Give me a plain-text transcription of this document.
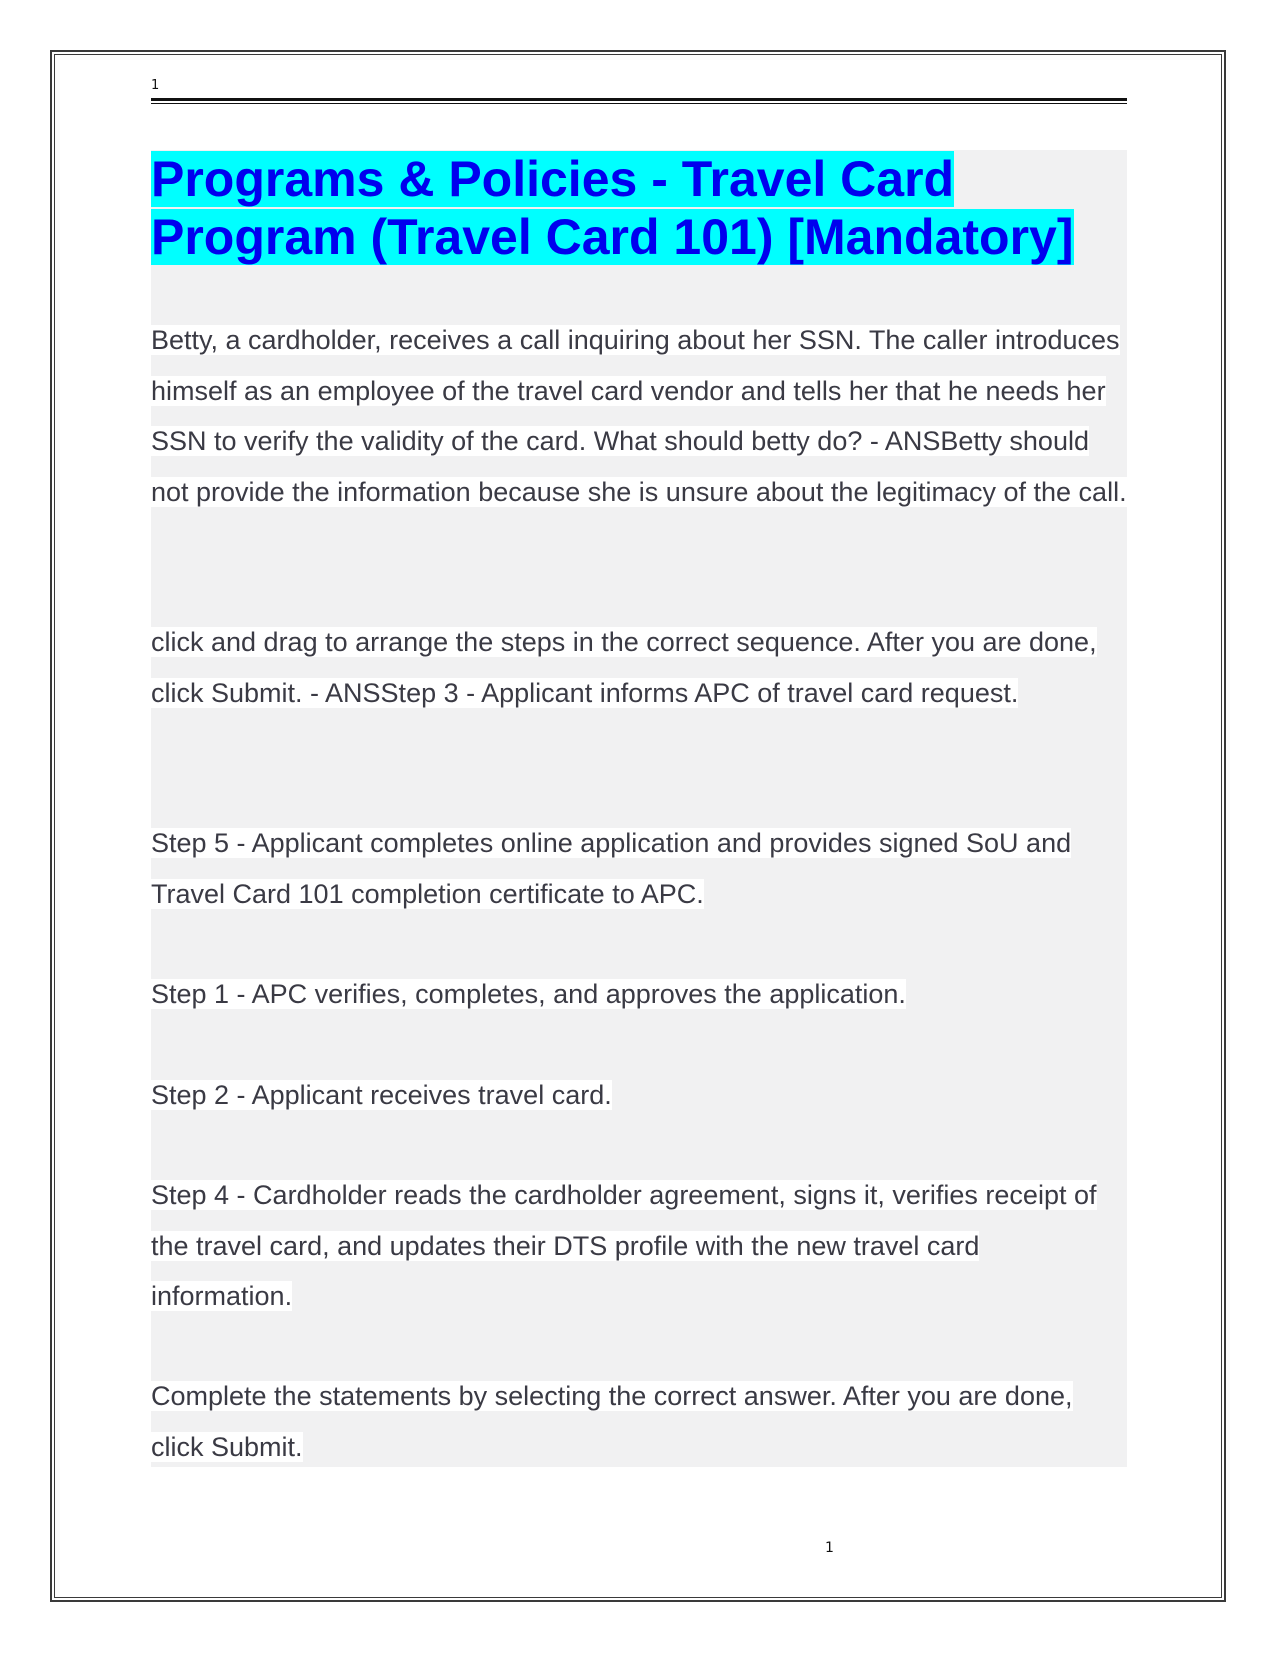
1
Programs & Policies - Travel Card Program (Travel Card 101) [Mandatory]

Betty, a cardholder, receives a call inquiring about her SSN. The caller introduces himself as an employee of the travel card vendor and tells her that he needs her SSN to verify the validity of the card. What should betty do? - ANSBetty should not provide the information because she is unsure about the legitimacy of the call.

click and drag to arrange the steps in the correct sequence. After you are done, click Submit. - ANSStep 3 - Applicant informs APC of travel card request.

Step 5 - Applicant completes online application and provides signed SoU and Travel Card 101 completion certificate to APC.

Step 1 - APC verifies, completes, and approves the application.

Step 2 - Applicant receives travel card.

Step 4 - Cardholder reads the cardholder agreement, signs it, verifies receipt of the travel card, and updates their DTS profile with the new travel card information.

Complete the statements by selecting the correct answer. After you are done, click Submit.

1
